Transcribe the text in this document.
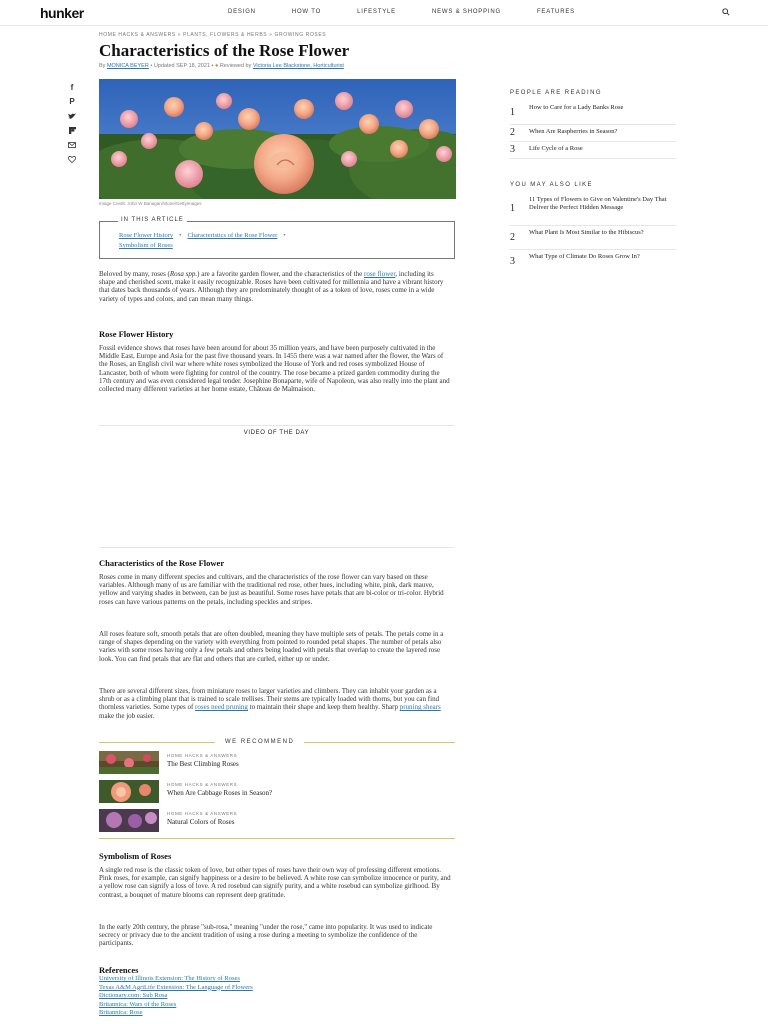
hunker	DESIGN	HOW TO	LIFESTYLE	NEWS & SHOPPING	FEATURES
HOME HACKS & ANSWERS » PLANTS, FLOWERS & HERBS » GROWING ROSES
Characteristics of the Rose Flower
By MONICA BEYER • Updated SEP 18, 2021 • ● Reviewed by Victoria Lee Blackstone, Horticulturist
f
P
Image Credit: John W Banagan/Stone/GettyImages
IN THIS ARTICLE
Rose Flower History • Characteristics of the Rose Flower •
Symbolism of Roses

Beloved by many, roses (Rosa spp.) are a favorite garden flower, and the characteristics of the rose flower, including its shape and cherished scent, make it easily recognizable. Roses have been cultivated for millennia and have a vibrant history that dates back thousands of years. Although they are predominately thought of as a token of love, roses come in a wide variety of types and colors, and can mean many things.

Rose Flower History

Fossil evidence shows that roses have been around for about 35 million years, and have been purposely cultivated in the Middle East, Europe and Asia for the past five thousand years. In 1455 there was a war named after the flower, the Wars of the Roses, an English civil war where white roses symbolized the House of York and red roses symbolized House of Lancaster, both of whom were fighting for control of the country. The rose became a prized garden commodity during the 17th century and was even considered legal tender. Josephine Bonaparte, wife of Napoleon, was also really into the plant and collected many different varieties at her home estate, Château de Malmaison.

VIDEO OF THE DAY
Characteristics of the Rose Flower

Roses come in many different species and cultivars, and the characteristics of the rose flower can vary based on these variables. Although many of us are familiar with the traditional red rose, other hues, including white, pink, dark mauve, yellow and varying shades in between, can be just as beautiful. Some roses have petals that are bi-color or tri-color. Hybrid roses can have various patterns on the petals, including speckles and stripes.

All roses feature soft, smooth petals that are often doubled, meaning they have multiple sets of petals. The petals come in a range of shapes depending on the variety with everything from pointed to rounded petal shapes. The number of petals also varies with some roses having only a few petals and others being loaded with petals that overlap to create the layered rose look. You can find petals that are flat and others that are curled, either up or under.

There are several different sizes, from miniature roses to larger varieties and climbers. They can inhabit your garden as a shrub or as a climbing plant that is trained to scale trellises. Their stems are typically loaded with thorns, but you can find thornless varieties. Some types of roses need pruning to maintain their shape and keep them healthy. Sharp pruning shears make the job easier.

WE RECOMMEND
HOME HACKS & ANSWERS
The Best Climbing Roses
HOME HACKS & ANSWERS
When Are Cabbage Roses in Season?
HOME HACKS & ANSWERS
Natural Colors of Roses
Symbolism of Roses

A single red rose is the classic token of love, but other types of roses have their own way of professing different emotions. Pink roses, for example, can signify happiness or a desire to be believed. A white rose can symbolize innocence or purity, and a yellow rose can signify a loss of love. A red rosebud can signify purity, and a white rosebud can symbolize girlhood. By contrast, a bouquet of mature blooms can represent deep gratitude.

In the early 20th century, the phrase "sub-rosa," meaning "under the rose," came into popularity. It was used to indicate secrecy or privacy due to the ancient tradition of using a rose during a meeting to symbolize the confidence of the participants.

References
University of Illinois Extension: The History of Roses
Texas A&M AgriLife Extension: The Language of Flowers
Dictionary.com: Sub Rosa
Britannica: Wars of the Roses
Britannica: Rose
PEOPLE ARE READING
1 How to Care for a Lady Banks Rose
2 When Are Raspberries in Season?
3 Life Cycle of a Rose
YOU MAY ALSO LIKE
1
11 Types of Flowers to Give on Valentine's Day That Deliver the Perfect Hidden Message
2 What Plant Is Most Similar to the Hibiscus?
3 What Type of Climate Do Roses Grow In?
